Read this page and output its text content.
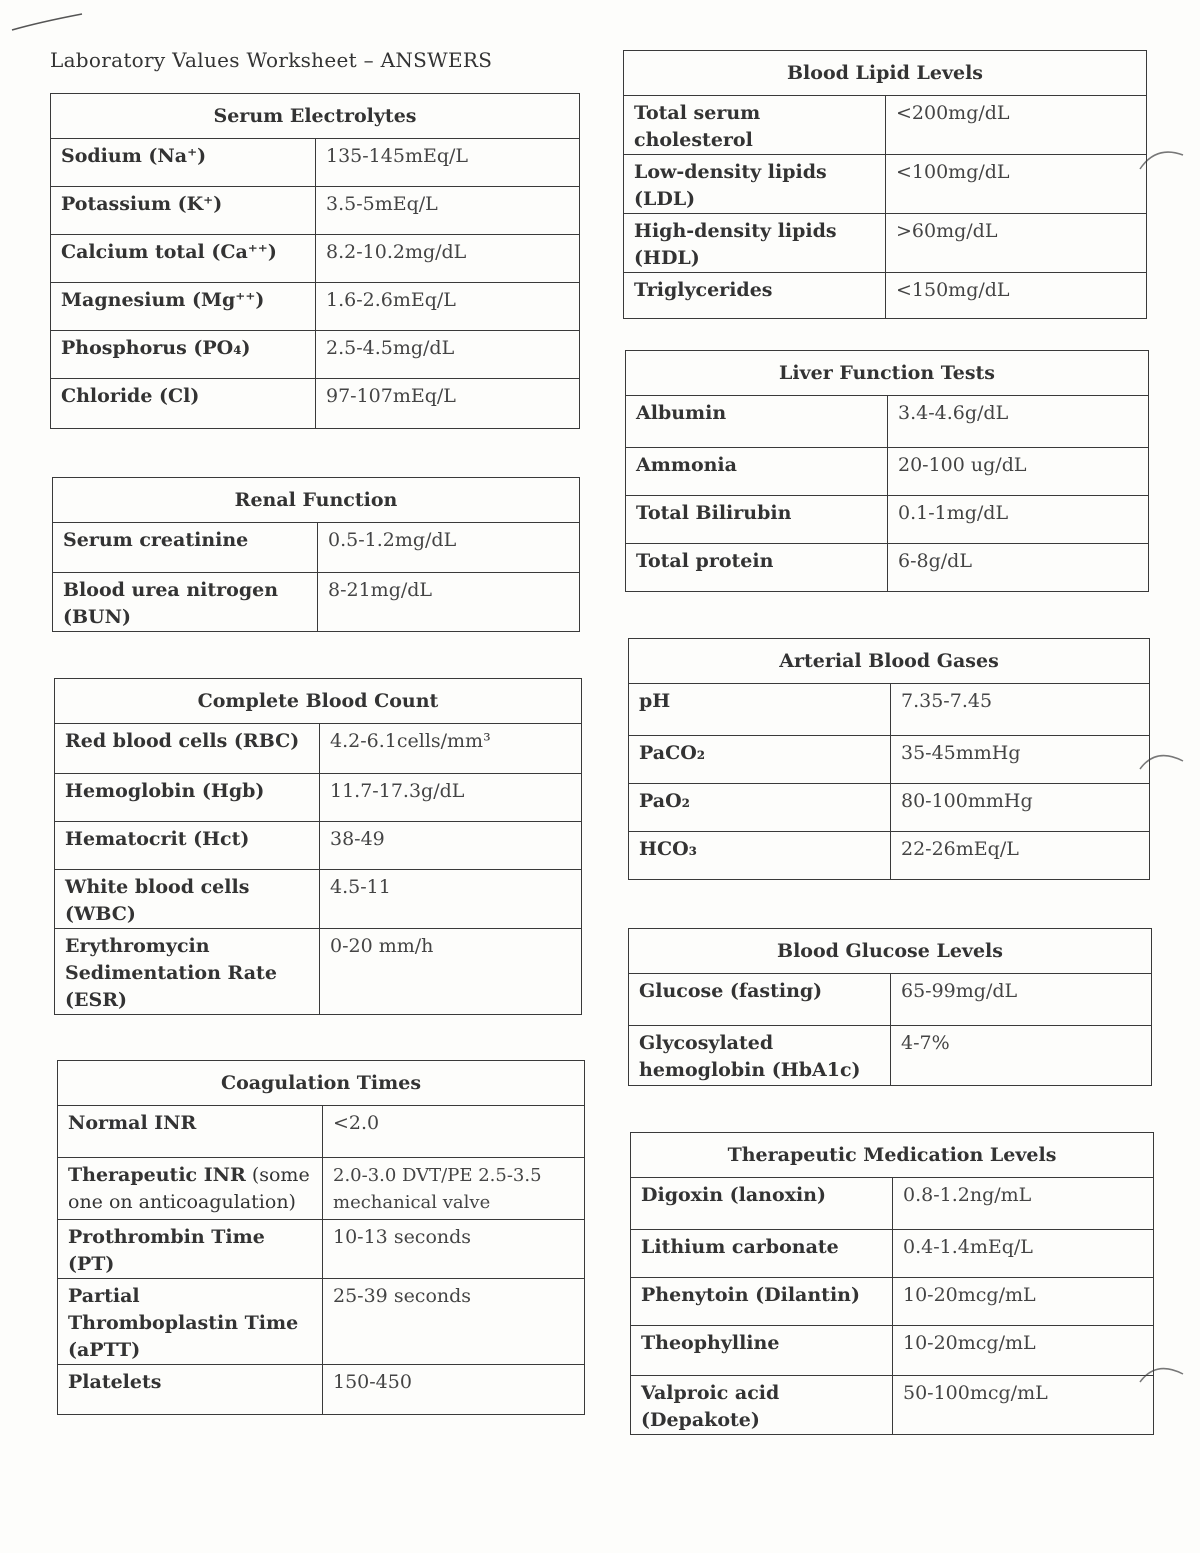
Laboratory Values Worksheet – ANSWERS
Serum Electrolytes	
Sodium (Na⁺)	135-145mEq/L
Potassium (K⁺)	3.5-5mEq/L
Calcium total (Ca⁺⁺)	8.2-10.2mg/dL
Magnesium (Mg⁺⁺)	1.6-2.6mEq/L
Phosphorus (PO₄)	2.5-4.5mg/dL
Chloride (Cl)	97-107mEq/L
Renal Function	
Serum creatinine	0.5-1.2mg/dL
Blood urea nitrogen (BUN)	8-21mg/dL
Complete Blood Count	
Red blood cells (RBC)	4.2-6.1cells/mm³
Hemoglobin (Hgb)	11.7-17.3g/dL
Hematocrit (Hct)	38-49
White blood cells (WBC)	4.5-11
Erythromycin Sedimentation Rate (ESR)	0-20 mm/h
Coagulation Times	
Normal INR	<2.0
Therapeutic INR (some one on anticoagulation)	2.0-3.0 DVT/PE 2.5-3.5 mechanical valve
Prothrombin Time (PT)	10-13 seconds
Partial Thromboplastin Time (aPTT)	25-39 seconds
Platelets	150-450
Blood Lipid Levels	
Total serum cholesterol	<200mg/dL
Low-density lipids (LDL)	<100mg/dL
High-density lipids (HDL)	>60mg/dL
Triglycerides	<150mg/dL
Liver Function Tests	
Albumin	3.4-4.6g/dL
Ammonia	20-100 ug/dL
Total Bilirubin	0.1-1mg/dL
Total protein	6-8g/dL
Arterial Blood Gases	
pH	7.35-7.45
PaCO₂	35-45mmHg
PaO₂	80-100mmHg
HCO₃	22-26mEq/L
Blood Glucose Levels	
Glucose (fasting)	65-99mg/dL
Glycosylated hemoglobin (HbA1c)	4-7%
Therapeutic Medication Levels	
Digoxin (lanoxin)	0.8-1.2ng/mL
Lithium carbonate	0.4-1.4mEq/L
Phenytoin (Dilantin)	10-20mcg/mL
Theophylline	10-20mcg/mL
Valproic acid (Depakote)	50-100mcg/mL
